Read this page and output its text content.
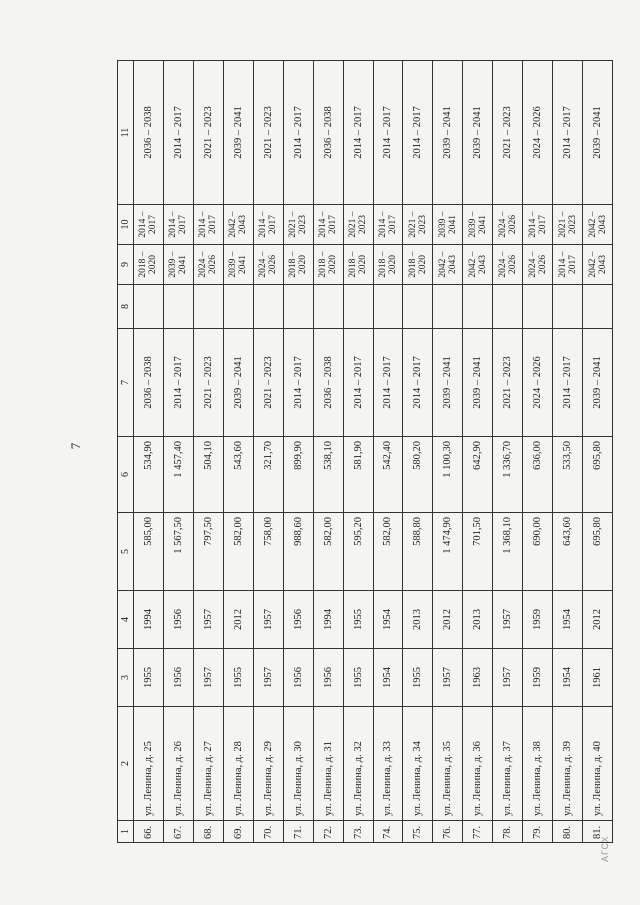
7
1	2	3	4	5	6	7	8	9	10	11
66.	ул. Ленина, д. 25	1955	1994	585,00	534,90	2036 – 2038		2018 – 2020	2014 – 2017	2036 – 2038
67.	ул. Ленина, д. 26	1956	1956	1 567,50	1 457,40	2014 – 2017		2039 – 2041	2014 – 2017	2014 – 2017
68.	ул. Ленина, д. 27	1957	1957	797,50	504,10	2021 – 2023		2024 – 2026	2014 – 2017	2021 – 2023
69.	ул. Ленина, д. 28	1955	2012	582,00	543,60	2039 – 2041		2039 – 2041	2042 – 2043	2039 – 2041
70.	ул. Ленина, д. 29	1957	1957	758,00	321,70	2021 – 2023		2024 – 2026	2014 – 2017	2021 – 2023
71.	ул. Ленина, д. 30	1956	1956	988,60	899,90	2014 – 2017		2018 – 2020	2021 – 2023	2014 – 2017
72.	ул. Ленина, д. 31	1956	1994	582,00	538,10	2036 – 2038		2018 – 2020	2014 – 2017	2036 – 2038
73.	ул. Ленина, д. 32	1955	1955	595,20	581,90	2014 – 2017		2018 – 2020	2021 – 2023	2014 – 2017
74.	ул. Ленина, д. 33	1954	1954	582,00	542,40	2014 – 2017		2018 – 2020	2014 – 2017	2014 – 2017
75.	ул. Ленина, д. 34	1955	2013	588,80	580,20	2014 – 2017		2018 – 2020	2021 – 2023	2014 – 2017
76.	ул. Ленина, д. 35	1957	2012	1 474,90	1 100,30	2039 – 2041		2042 – 2043	2039 – 2041	2039 – 2041
77.	ул. Ленина, д. 36	1963	2013	701,50	642,90	2039 – 2041		2042 – 2043	2039 – 2041	2039 – 2041
78.	ул. Ленина, д. 37	1957	1957	1 368,10	1 336,70	2021 – 2023		2024 – 2026	2024 – 2026	2021 – 2023
79.	ул. Ленина, д. 38	1959	1959	690,00	636,00	2024 – 2026		2024 – 2026	2014 – 2017	2024 – 2026
80.	ул. Ленина, д. 39	1954	1954	643,60	533,50	2014 – 2017		2014 – 2017	2021 – 2023	2014 – 2017
81.	ул. Ленина, д. 40	1961	2012	695,80	695,80	2039 – 2041		2042 – 2043	2042 – 2043	2039 – 2041
АГСХ
